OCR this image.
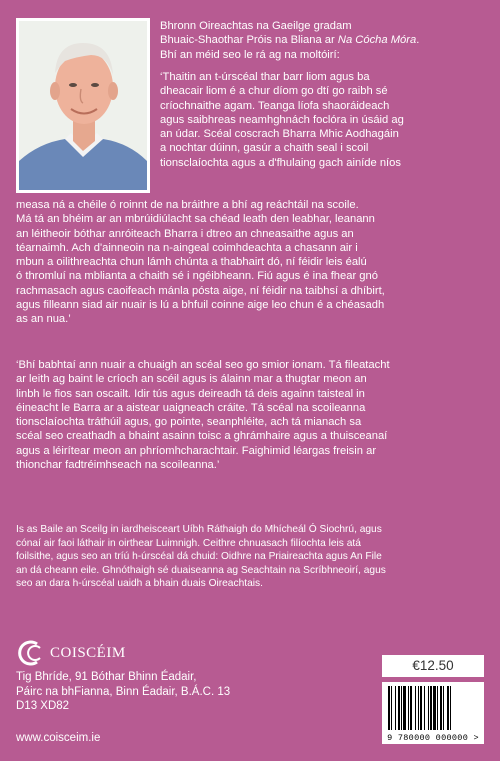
Bhronn Oireachtas na Gaeilge gradam
Bhuaic-Shaothar Próis na Bliana ar Na Cócha Móra.
Bhí an méid seo le rá ag na moltóirí:
‘Thaitin an t-úrscéal thar barr liom agus ba
dheacair liom é a chur díom go dtí go raibh sé
críochnaithe agam. Teanga líofa shaoráideach
agus saibhreas neamhghnách foclóra in úsáid ag
an údar. Scéal coscrach Bharra Mhic Aodhagáin
a nochtar dúinn, gasúr a chaith seal i scoil
tionsclaíochta agus a d'fhulaing gach ainíde níos
measa ná a chéile ó roinnt de na bráithre a bhí ag reáchtáil na scoile.
Má tá an bhéim ar an mbrúidiúlacht sa chéad leath den leabhar, leanann
an léitheoir bóthar anróiteach Bharra i dtreo an chneasaithe agus an
téarnaimh. Ach d'ainneoin na n-aingeal coimhdeachta a chasann air i
mbun a oilithreachta chun lámh chúnta a thabhairt dó, ní féidir leis éalú
ó thromluí na mblianta a chaith sé i ngéibheann. Fiú agus é ina fhear gnó
rachmasach agus caoifeach mánla pósta aige, ní féidir na taibhsí a dhíbirt,
agus filleann siad air nuair is lú a bhfuil coinne aige leo chun é a chéasadh
as an nua.’
‘Bhí babhtaí ann nuair a chuaigh an scéal seo go smior ionam. Tá fileatacht
ar leith ag baint le críoch an scéil agus is álainn mar a thugtar meon an
linbh le fios san oscailt. Idir tús agus deireadh tá deis againn taisteal in
éineacht le Barra ar a aistear uaigneach cráite. Tá scéal na scoileanna
tionsclaíochta tráthúil agus, go pointe, seanphléite, ach tá mianach sa
scéal seo creathadh a bhaint asainn toisc a ghrámhaire agus a thuisceanaí
agus a léirítear meon an phríomhcharachtair. Faighimid léargas freisin ar
thionchar fadtréimhseach na scoileanna.’
Is as Baile an Sceilg in iardheisceart Uíbh Ráthaigh do Mhícheál Ó Siochrú, agus
cónaí air faoi láthair in oirthear Luimnigh. Ceithre chnuasach filíochta leis atá
foilsithe, agus seo an tríú h-úrscéal dá chuid: Oidhre na Priaireachta agus An File
an dá cheann eile. Ghnóthaigh sé duaiseanna ag Seachtain na Scríbhneoirí, agus
seo an dara h-úrscéal uaidh a bhain duais Oireachtais.
COISCÉIM
Tig Bhríde, 91 Bóthar Bhinn Éadair,
Páirc na bhFianna, Binn Éadair, B.Á.C. 13
D13 XD82
www.coisceim.ie
€12.50
9 780000 000000 >
